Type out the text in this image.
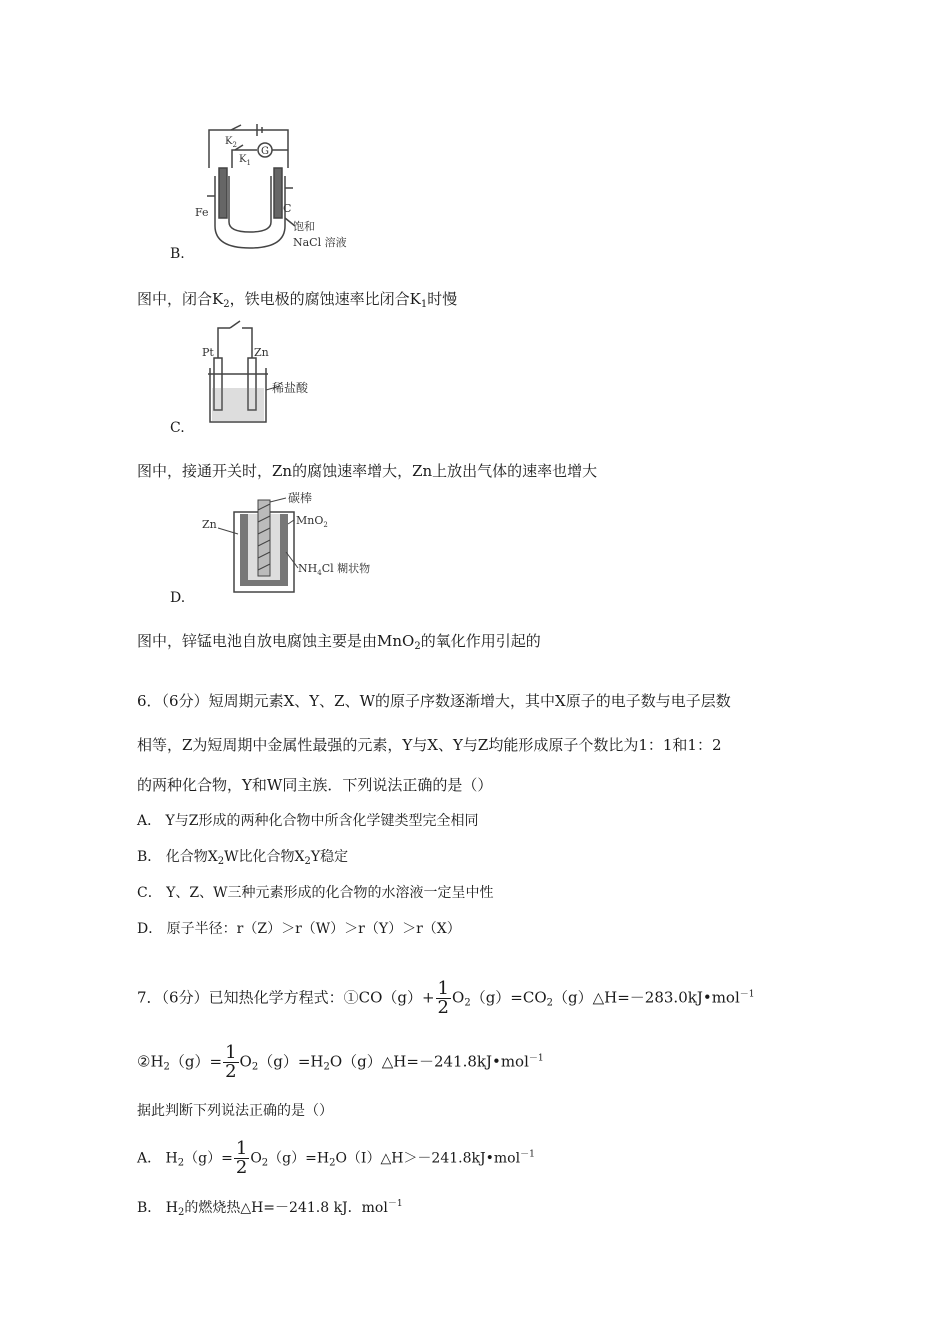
$K_2$
$K_1$
G
Fe	C
饱和
NaCl 溶液
B.
图中，闭合$K_2$，铁电极的腐蚀速率比闭合$K_1$时慢
Pt	Zn
稀盐酸
C.
图中，接通开关时，Zn的腐蚀速率增大，Zn上放出气体的速率也增大
碳棒
Zn	MnO$_2$
$NH_4Cl$ 糊状物
D.
图中，锌锰电池自放电腐蚀主要是由MnO$_2$的氧化作用引起的
6．（6分）短周期元素X、Y、Z、W的原子序数逐渐增大，其中X原子的电子数与电子层数
相等，Z为短周期中金属性最强的元素，Y与X、Y与Z均能形成原子个数比为1：1和1：2
的两种化合物，Y和W同主族．下列说法正确的是（）
A． Y与Z形成的两种化合物中所含化学键类型完全相同
B． 化合物$X_2W$比化合物$X_2Y$稳定
C． Y、Z、W三种元素形成的化合物的水溶液一定呈中性
D． 原子半径：r（Z）＞r（W）＞r（Y）＞r（X）
7．（6分）已知热化学方程式：①CO（g）+ $\frac{1}{2}$ $O_2(g)=CO_2(g)\triangle H=-283.0kJ•mol^{-1}$
$②H_2(g)= \frac{1}{2}$ $O_2(g)=H_2O(g)\triangle H=-241.8kJ•mol^{-1}$
据此判断下列说法正确的是（）
A． $H_2(g)= \frac{1}{2}$ $O_2(g)=H_2O(I)\triangle H>-241.8kJ•mol^{-1}$
B． $H_2$的燃烧热△H=－241.8 kJ．mol$^{-1}$
